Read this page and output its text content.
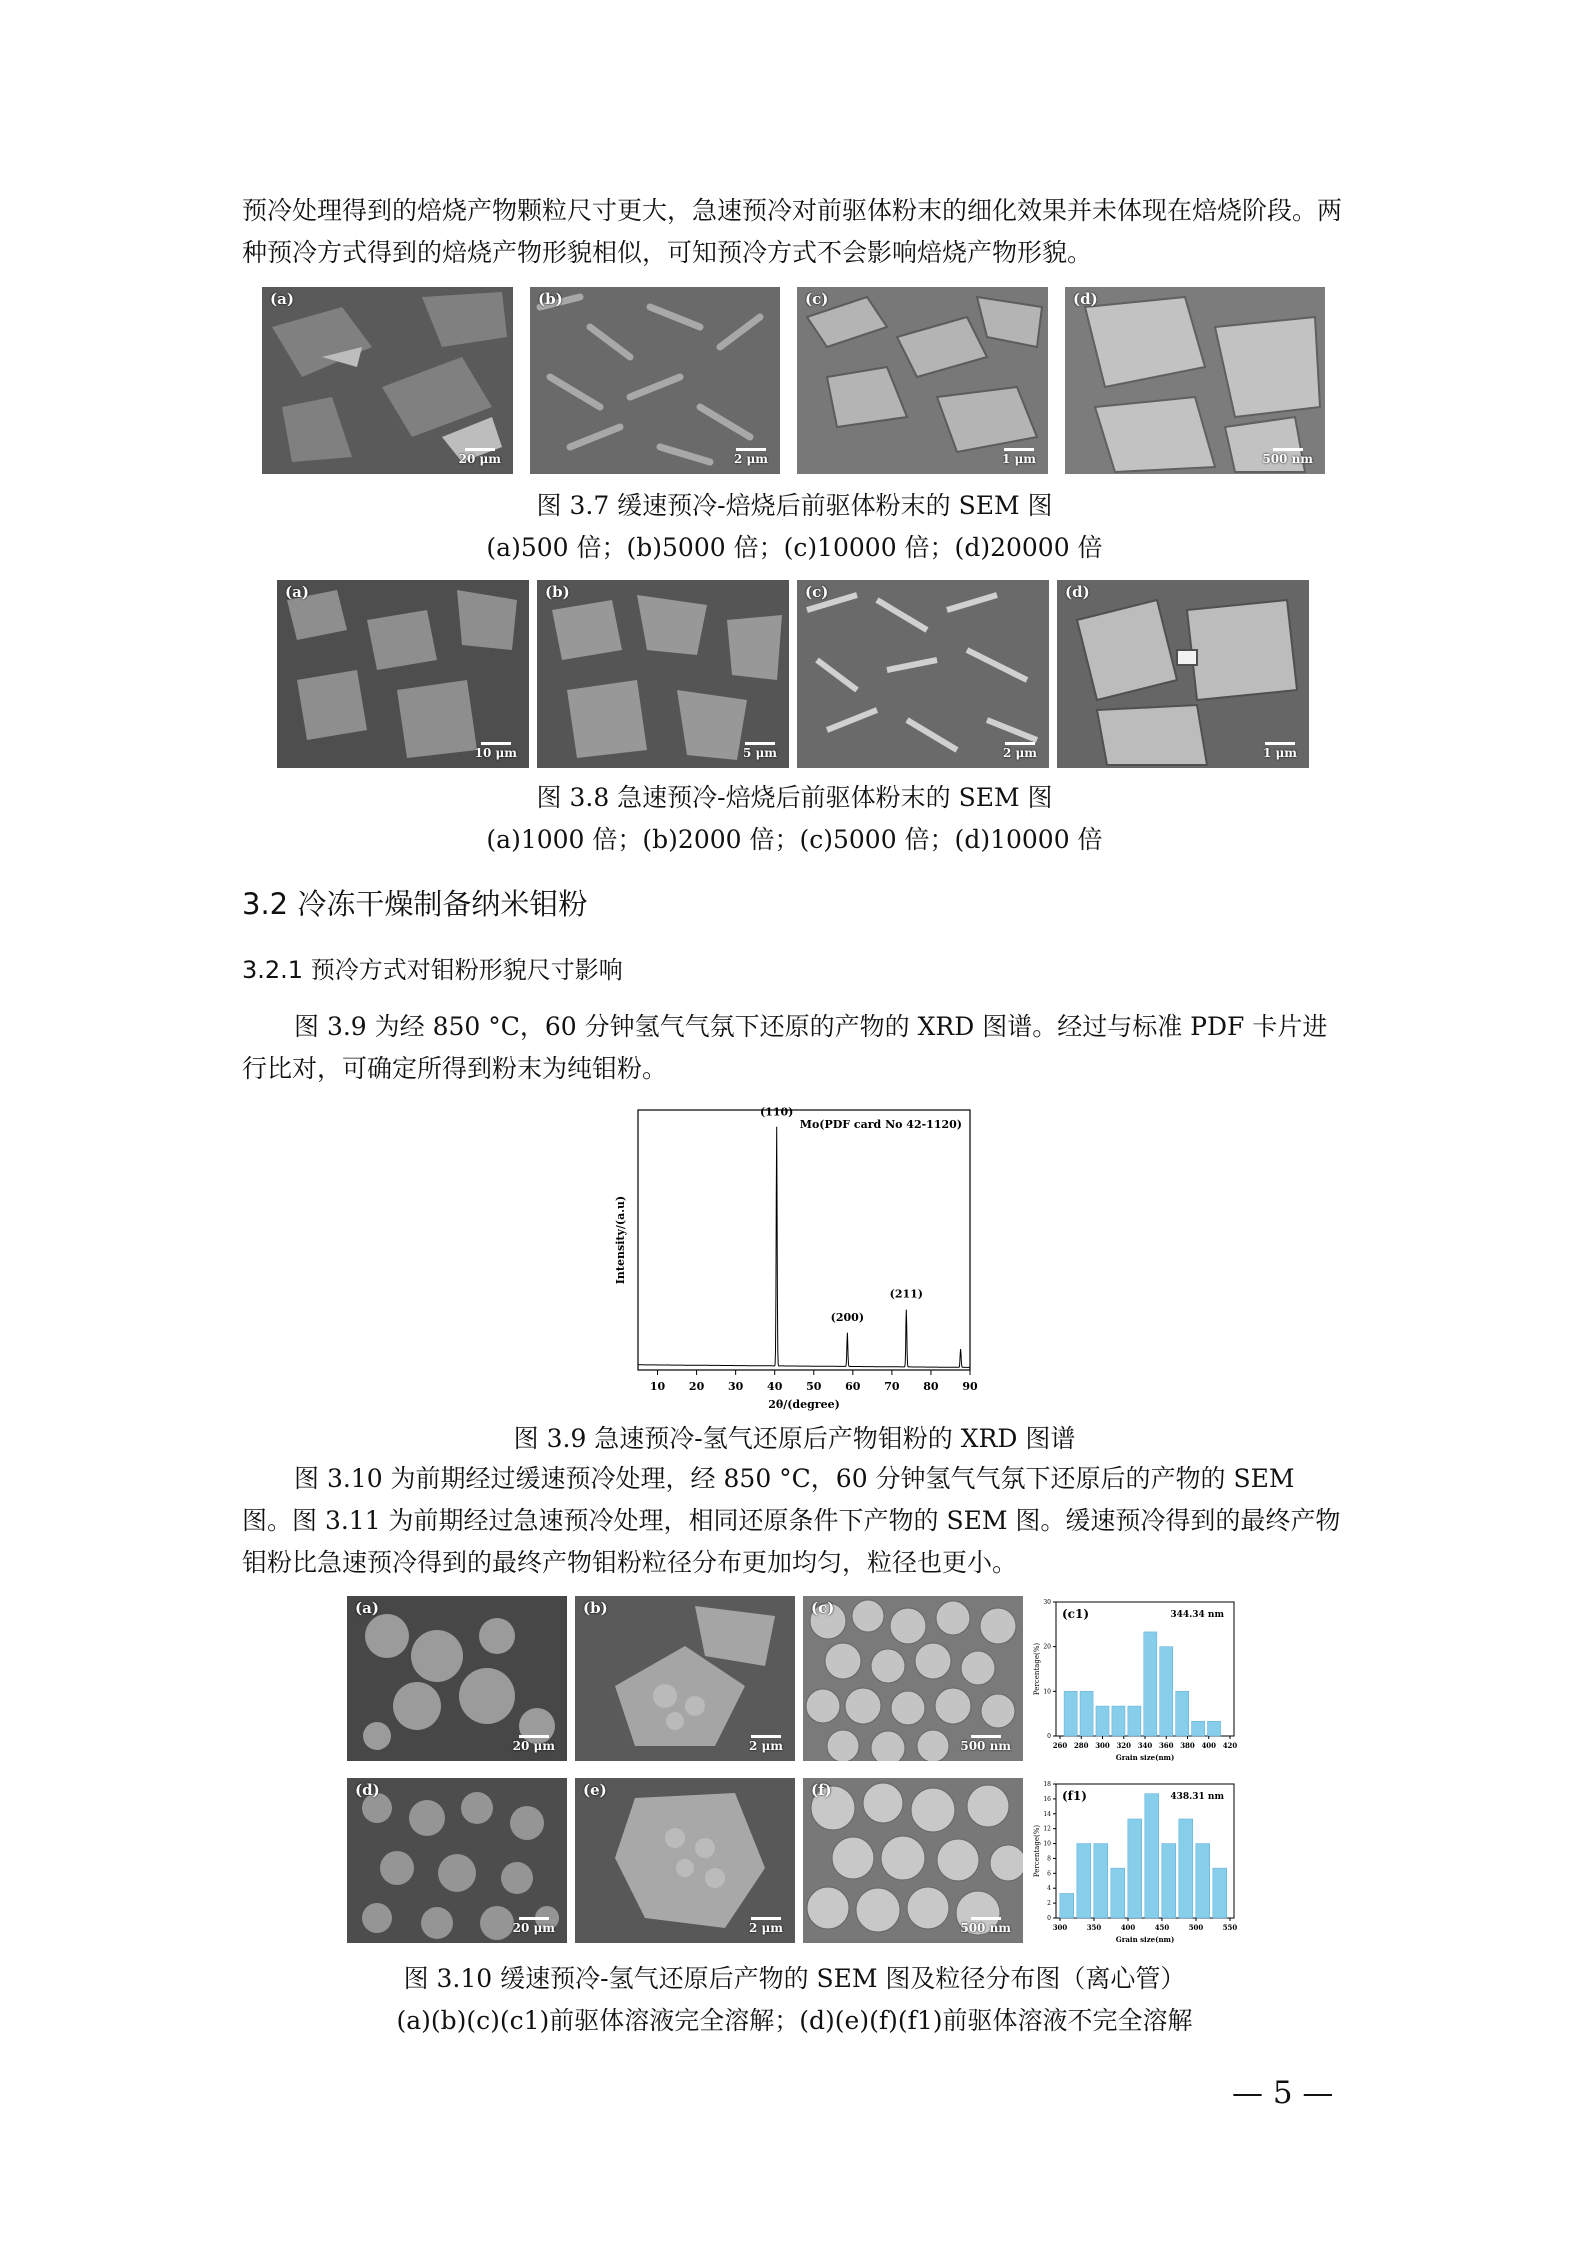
预冷处理得到的焙烧产物颗粒尺寸更大，急速预冷对前驱体粉末的细化效果并未体现在焙烧阶段。两种预冷方式得到的焙烧产物形貌相似，可知预冷方式不会影响焙烧产物形貌。

(a)
20 μm
(b)
2 μm
(c)
1 μm
(d)
500 nm

图 3.7 缓速预冷-焙烧后前驱体粉末的 SEM 图

(a)500 倍；(b)5000 倍；(c)10000 倍；(d)20000 倍

(a)
10 μm
(b)
5 μm
(c)
2 μm
(d)
1 μm

图 3.8 急速预冷-焙烧后前驱体粉末的 SEM 图

(a)1000 倍；(b)2000 倍；(c)5000 倍；(d)10000 倍

3.2 冷冻干燥制备纳米钼粉
3.2.1 预冷方式对钼粉形貌尺寸影响

图 3.9 为经 850 °C，60 分钟氢气气氛下还原的产物的 XRD 图谱。经过与标准 PDF 卡片进行比对，可确定所得到粉末为纯钼粉。

10 20 30 40 50 60 70 80 90
(110)
(200)
(211)
Mo(PDF card No 42-1120)
2θ/(degree)
Intensity/(a.u)

图 3.9 急速预冷-氢气还原后产物钼粉的 XRD 图谱

图 3.10 为前期经过缓速预冷处理，经 850 °C，60 分钟氢气气氛下还原后的产物的 SEM 图。图 3.11 为前期经过急速预冷处理，相同还原条件下产物的 SEM 图。缓速预冷得到的最终产物钼粉比急速预冷得到的最终产物钼粉粒径分布更加均匀，粒径也更小。

(a)
20 μm
(b)
2 μm
(c)
500 nm	260 280 300 320 340 360 380 400 420
0
10
20
30
(c1)	344.34 nm
Grain size(nm)
Percentage(%)
(d)
20 μm
(e)
2 μm
(f)
500 nm	300	350	400	450	500	550
0
2
4
6
8
10
12
14
16
18
(f1)	438.31 nm
Grain size(nm)
Percentage(%)

图 3.10 缓速预冷-氢气还原后产物的 SEM 图及粒径分布图（离心管）

(a)(b)(c)(c1)前驱体溶液完全溶解；(d)(e)(f)(f1)前驱体溶液不完全溶解

— 5 —
